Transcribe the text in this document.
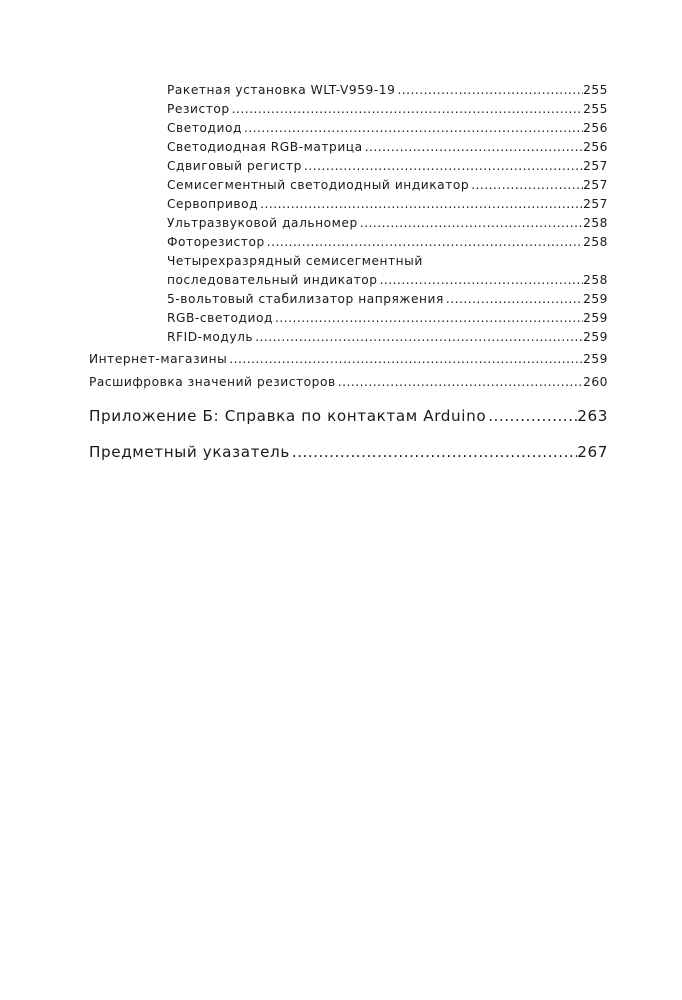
Ракетная установка WLT-V959-19 .....	255
Резистор .....	255
Светодиод .....	256
Светодиодная RGB-матрица .....	256
Сдвиговый регистр .....	257
Семисегментный светодиодный индикатор .....	257
Сервопривод .....	257
Ультразвуковой дальномер .....	258
Фоторезистор .....	258
Четырехразрядный семисегментный
последовательный индикатор .....	258
5-вольтовый стабилизатор напряжения .....	259
RGB-светодиод .....	259
RFID-модуль .....	259
Интернет-магазины .....	259
Расшифровка значений резисторов .....	260
Приложение Б: Справка по контактам Arduino .....	263
Предметный указатель .....	267
